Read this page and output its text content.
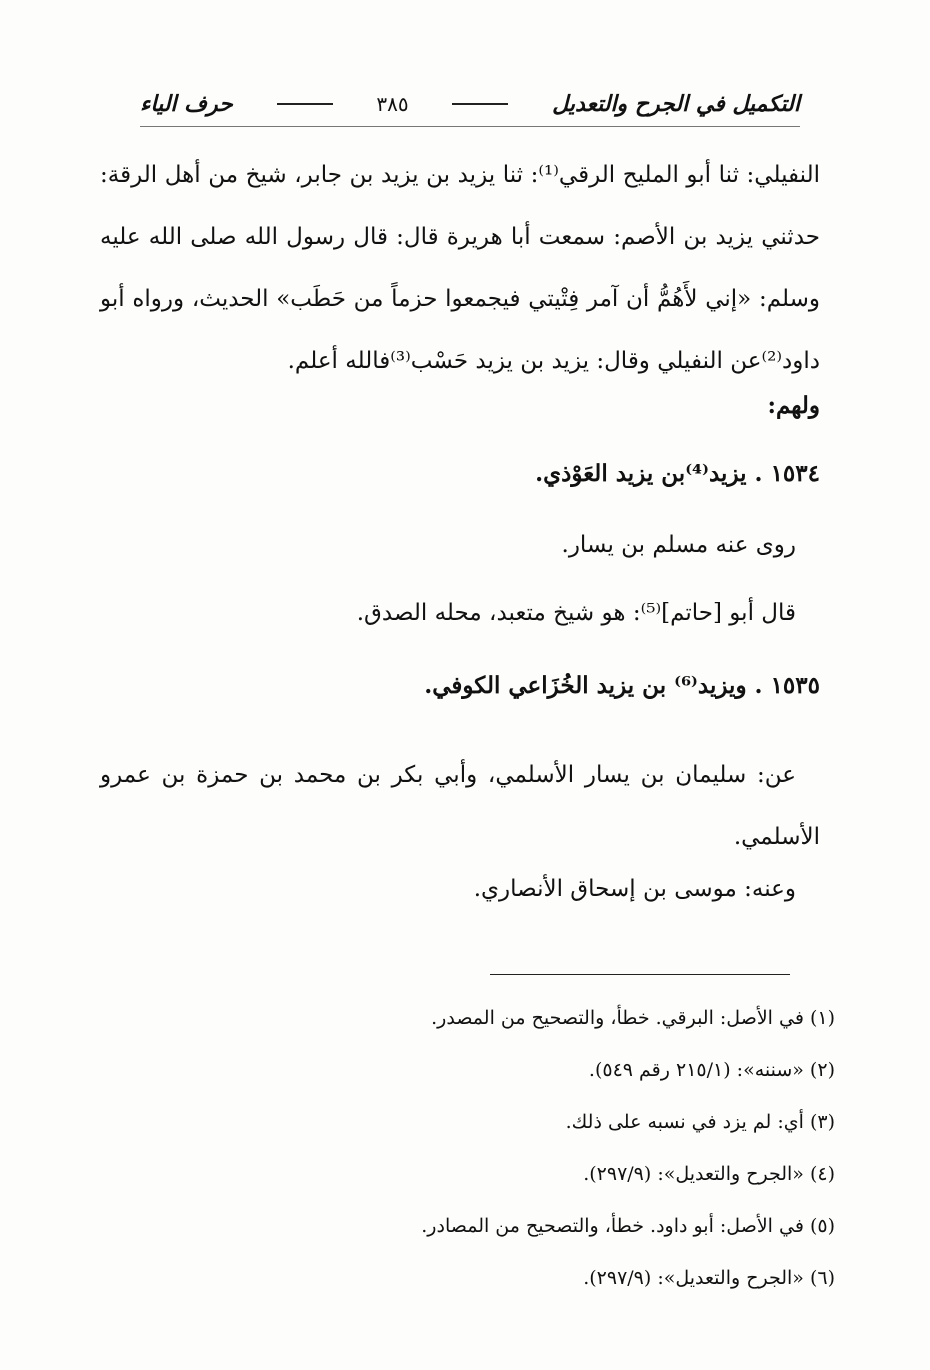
التكميل في الجرح والتعديل
٣٨٥
حرف الياء

النفيلي: ثنا أبو المليح الرقي⁽¹⁾: ثنا يزيد بن يزيد بن جابر، شيخ من أهل الرقة: حدثني يزيد بن الأصم: سمعت أبا هريرة قال: قال رسول الله صلى الله عليه وسلم: «إني لأَهُمُّ أن آمر فِتْيتي فيجمعوا حزماً من حَطَب» الحديث، ورواه أبو داود⁽²⁾عن النفيلي وقال: يزيد بن يزيد حَسْب⁽³⁾فالله أعلم.

ولهم:
١٥٣٤ . يزيد⁽⁴⁾بن يزيد العَوْذي.
روى عنه مسلم بن يسار.
قال أبو [حاتم]⁽⁵⁾: هو شيخ متعبد، محله الصدق.
١٥٣٥ . ويزيد⁽⁶⁾ بن يزيد الخُزَاعي الكوفي.

عن: سليمان بن يسار الأسلمي، وأبي بكر بن محمد بن حمزة بن عمرو الأسلمي.

وعنه: موسى بن إسحاق الأنصاري.

(١) في الأصل: البرقي. خطأ، والتصحيح من المصدر.

(٢) «سننه»: (٢١٥/١ رقم ٥٤٩).

(٣) أي: لم يزد في نسبه على ذلك.

(٤) «الجرح والتعديل»: (٢٩٧/٩).

(٥) في الأصل: أبو داود. خطأ، والتصحيح من المصادر.

(٦) «الجرح والتعديل»: (٢٩٧/٩).
